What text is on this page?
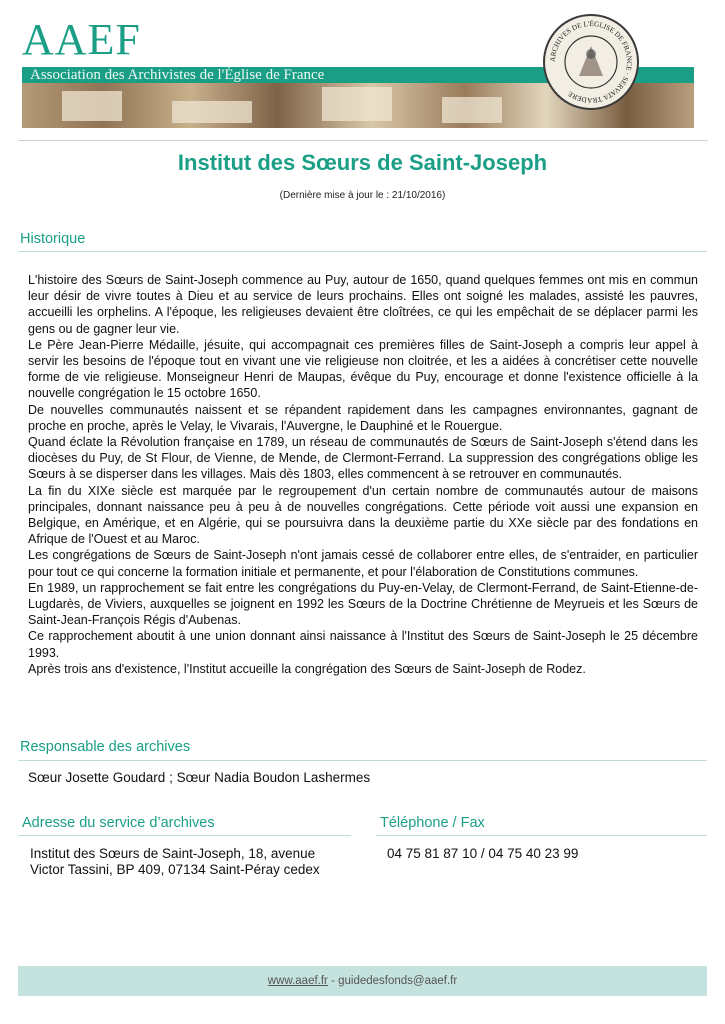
AAEF
Association des Archivistes de l'Église de France
ARCHIVES DE L'ÉGLISE DE FRANCE · SERVATA TRADERE
Institut des Sœurs de Saint-Joseph
(Dernière mise à jour le : 21/10/2016)
Historique

L'histoire des Sœurs de Saint-Joseph commence au Puy, autour de 1650, quand quelques femmes ont mis en commun leur désir de vivre toutes à Dieu et au service de leurs prochains. Elles ont soigné les malades, assisté les pauvres, accueilli les orphelins. A l'époque, les religieuses devaient être cloîtrées, ce qui les empêchait de se déplacer parmi les gens ou de gagner leur vie.

Le Père Jean-Pierre Médaille, jésuite, qui accompagnait ces premières filles de Saint-Joseph a compris leur appel à servir les besoins de l'époque tout en vivant une vie religieuse non cloitrée, et les a aidées à concrétiser cette nouvelle forme de vie religieuse. Monseigneur Henri de Maupas, évêque du Puy, encourage et donne l'existence officielle à la nouvelle congrégation le 15 octobre 1650.

De nouvelles communautés naissent et se répandent rapidement dans les campagnes environnantes, gagnant de proche en proche, après le Velay, le Vivarais, l'Auvergne, le Dauphiné et le Rouergue.

Quand éclate la Révolution française en 1789, un réseau de communautés de Sœurs de Saint-Joseph s'étend dans les diocèses du Puy, de St Flour, de Vienne, de Mende, de Clermont-Ferrand. La suppression des congrégations oblige les Sœurs à se disperser dans les villages. Mais dès 1803, elles commencent à se retrouver en communautés.

La fin du XIXe siècle est marquée par le regroupement d'un certain nombre de communautés autour de maisons principales, donnant naissance peu à peu à de nouvelles congrégations. Cette période voit aussi une expansion en Belgique, en Amérique, et en Algérie, qui se poursuivra dans la deuxième partie du XXe siècle par des fondations en Afrique de l'Ouest et au Maroc.

Les congrégations de Sœurs de Saint-Joseph n'ont jamais cessé de collaborer entre elles, de s'entraider, en particulier pour tout ce qui concerne la formation initiale et permanente, et pour l'élaboration de Constitutions communes.

En 1989, un rapprochement se fait entre les congrégations du Puy-en-Velay, de Clermont-Ferrand, de Saint-Etienne-de-Lugdarès, de Viviers, auxquelles se joignent en 1992 les Sœurs de la Doctrine Chrétienne de Meyrueis et les Sœurs de Saint-Jean-François Régis d'Aubenas.

Ce rapprochement aboutit à une union donnant ainsi naissance à l'Institut des Sœurs de Saint-Joseph le 25 décembre 1993.

Après trois ans d'existence, l'Institut accueille la congrégation des Sœurs de Saint-Joseph de Rodez.

Responsable des archives
Sœur Josette Goudard ; Sœur Nadia Boudon Lashermes
Adresse du service d’archives
Institut des Sœurs de Saint-Joseph, 18, avenue
Victor Tassini, BP 409, 07134 Saint-Péray cedex
Téléphone / Fax
04 75 81 87 10 / 04 75 40 23 99
www.aaef.fr - guidedesfonds@aaef.fr
